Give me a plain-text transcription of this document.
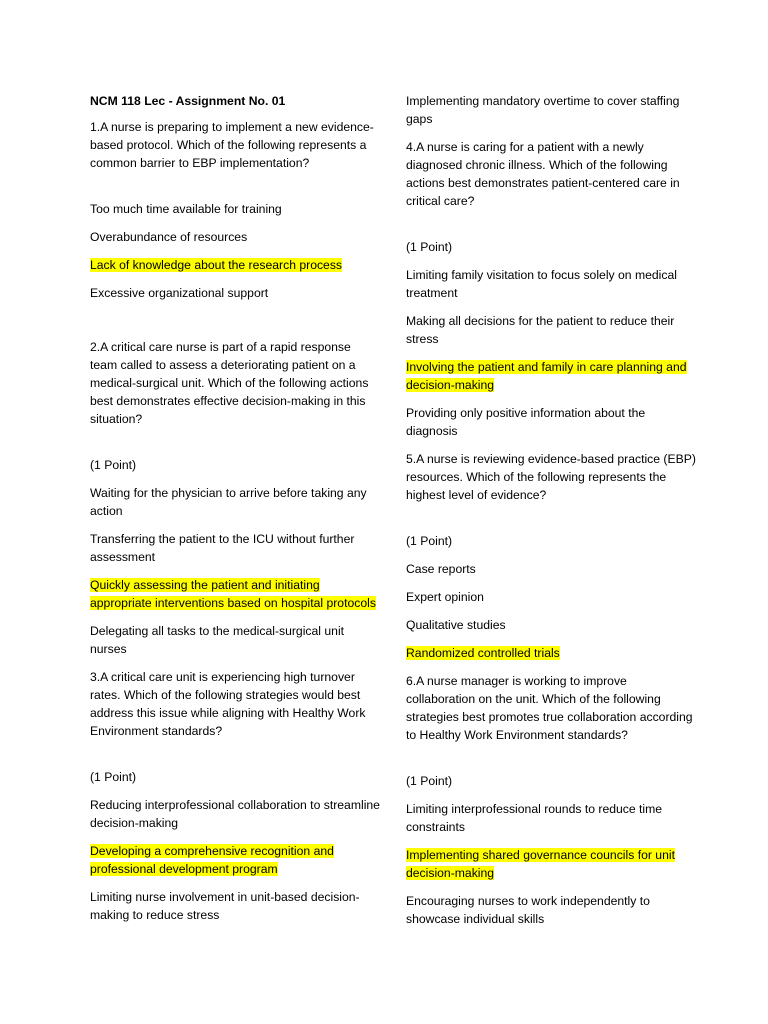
NCM 118 Lec - Assignment No. 01
1.A nurse is preparing to implement a new evidence-based protocol. Which of the following represents a common barrier to EBP implementation?
Too much time available for training
Overabundance of resources
Lack of knowledge about the research process
Excessive organizational support
2.A critical care nurse is part of a rapid response team called to assess a deteriorating patient on a medical-surgical unit. Which of the following actions best demonstrates effective decision-making in this situation?
(1 Point)
Waiting for the physician to arrive before taking any action
Transferring the patient to the ICU without further assessment
Quickly assessing the patient and initiating appropriate interventions based on hospital protocols
Delegating all tasks to the medical-surgical unit nurses
3.A critical care unit is experiencing high turnover rates. Which of the following strategies would best address this issue while aligning with Healthy Work Environment standards?
(1 Point)
Reducing interprofessional collaboration to streamline decision-making
Developing a comprehensive recognition and professional development program
Limiting nurse involvement in unit-based decision-making to reduce stress
Implementing mandatory overtime to cover staffing gaps
4.A nurse is caring for a patient with a newly diagnosed chronic illness. Which of the following actions best demonstrates patient-centered care in critical care?
(1 Point)
Limiting family visitation to focus solely on medical treatment
Making all decisions for the patient to reduce their stress
Involving the patient and family in care planning and decision-making
Providing only positive information about the diagnosis
5.A nurse is reviewing evidence-based practice (EBP) resources. Which of the following represents the highest level of evidence?
(1 Point)
Case reports
Expert opinion
Qualitative studies
Randomized controlled trials
6.A nurse manager is working to improve collaboration on the unit. Which of the following strategies best promotes true collaboration according to Healthy Work Environment standards?
(1 Point)
Limiting interprofessional rounds to reduce time constraints
Implementing shared governance councils for unit decision-making
Encouraging nurses to work independently to showcase individual skills
